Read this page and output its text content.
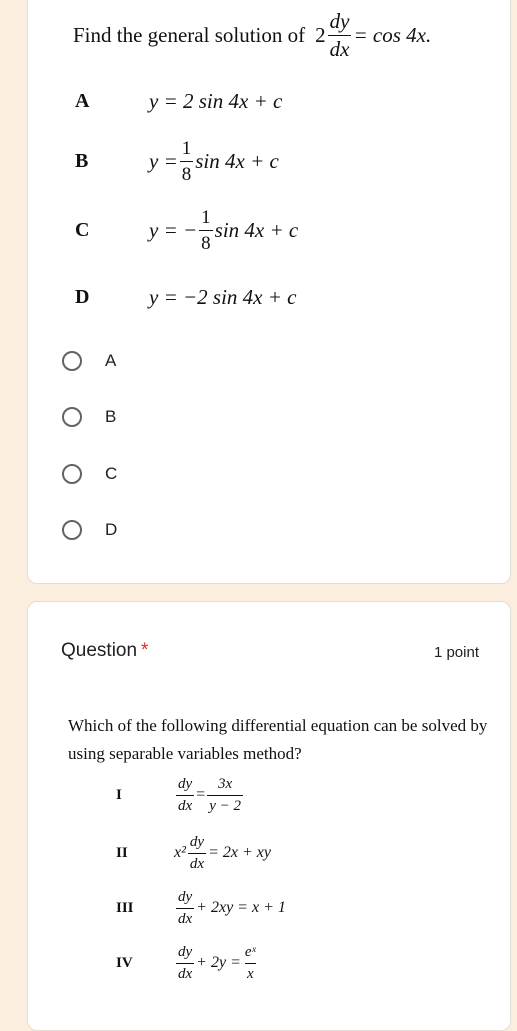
Find the general solution of $2 \frac{dy}{dx} = \cos 4x$.
A	y = 2 sin 4x + c
B	$y = \frac{1}{8}$ sin 4x + c
C	y = − $\frac{1}{8}$ sin 4x + c
D	y = −2 sin 4x + c
A
B
C
D
Question *	1 point
Which of the following differential equation can be solved by using separable variables method?
I	$\frac{dy}{dx} = \frac{3x}{y - 2}$
II	$x^2 \frac{dy}{dx} = 2x$ + xy
III	$\frac{dy}{dx} + 2xy = x + 1$
IV	$\frac{dy}{dx} + 2y = \frac{\text{eˣ}}{x}$
